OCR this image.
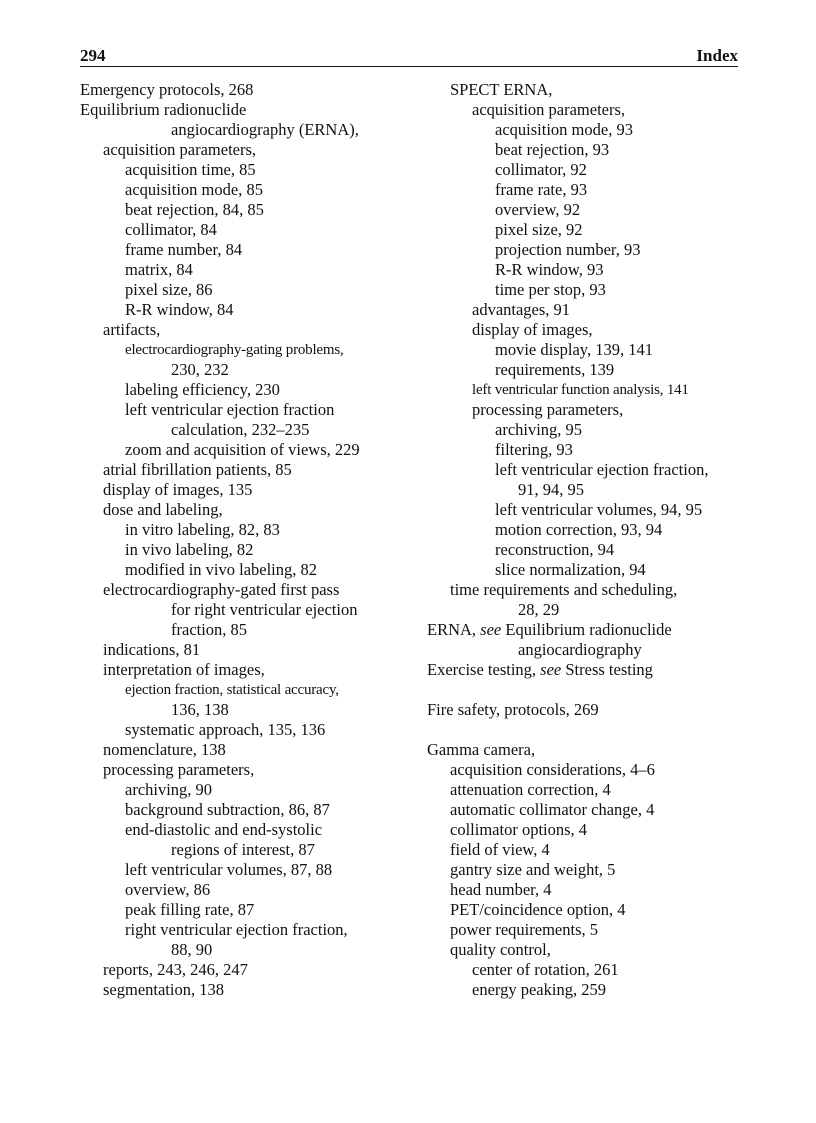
294	Index
Emergency protocols, 268
Equilibrium radionuclide
angiocardiography (ERNA),
acquisition parameters,
acquisition time, 85
acquisition mode, 85
beat rejection, 84, 85
collimator, 84
frame number, 84
matrix, 84
pixel size, 86
R-R window, 84
artifacts,
electrocardiography-gating problems,
230, 232
labeling efficiency, 230
left ventricular ejection fraction
calculation, 232–235
zoom and acquisition of views, 229
atrial fibrillation patients, 85
display of images, 135
dose and labeling,
in vitro labeling, 82, 83
in vivo labeling, 82
modified in vivo labeling, 82
electrocardiography-gated first pass
for right ventricular ejection
fraction, 85
indications, 81
interpretation of images,
ejection fraction, statistical accuracy,
136, 138
systematic approach, 135, 136
nomenclature, 138
processing parameters,
archiving, 90
background subtraction, 86, 87
end-diastolic and end-systolic
regions of interest, 87
left ventricular volumes, 87, 88
overview, 86
peak filling rate, 87
right ventricular ejection fraction,
88, 90
reports, 243, 246, 247
segmentation, 138
SPECT ERNA,
acquisition parameters,
acquisition mode, 93
beat rejection, 93
collimator, 92
frame rate, 93
overview, 92
pixel size, 92
projection number, 93
R-R window, 93
time per stop, 93
advantages, 91
display of images,
movie display, 139, 141
requirements, 139
left ventricular function analysis, 141
processing parameters,
archiving, 95
filtering, 93
left ventricular ejection fraction,
91, 94, 95
left ventricular volumes, 94, 95
motion correction, 93, 94
reconstruction, 94
slice normalization, 94
time requirements and scheduling,
28, 29
ERNA, see Equilibrium radionuclide
angiocardiography
Exercise testing, see Stress testing
Fire safety, protocols, 269
Gamma camera,
acquisition considerations, 4–6
attenuation correction, 4
automatic collimator change, 4
collimator options, 4
field of view, 4
gantry size and weight, 5
head number, 4
PET/coincidence option, 4
power requirements, 5
quality control,
center of rotation, 261
energy peaking, 259
